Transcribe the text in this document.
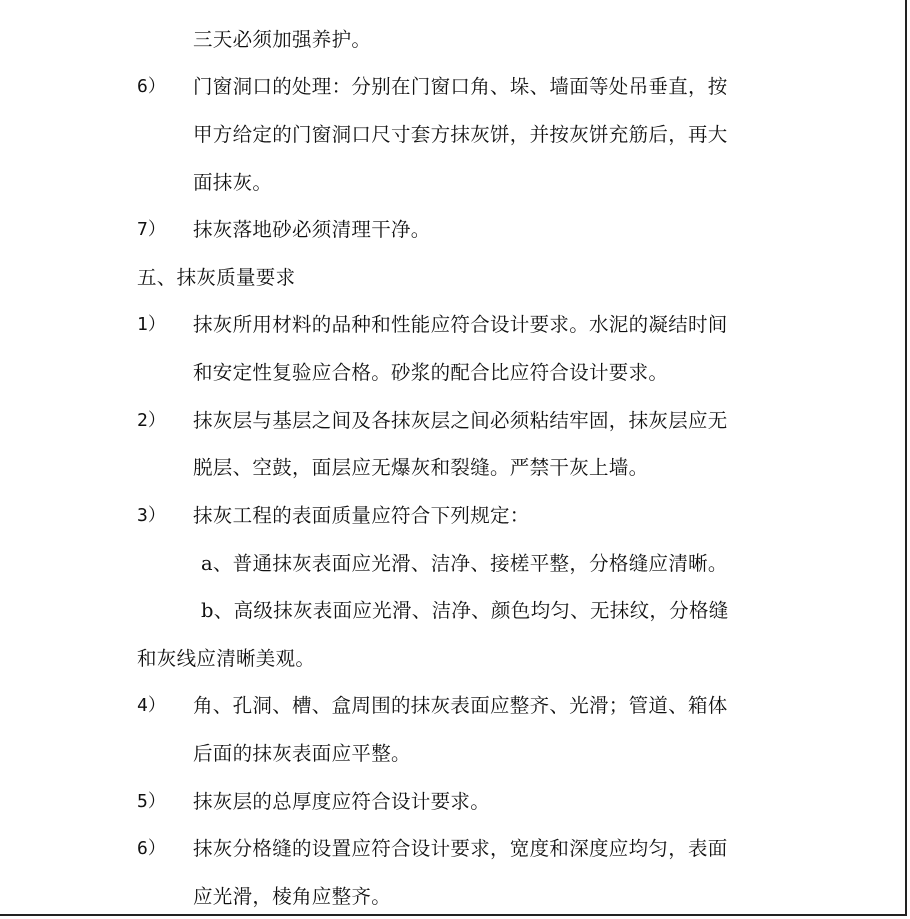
三天必须加强养护。
6） 门窗洞口的处理：分别在门窗口角、垛、墙面等处吊垂直，按
甲方给定的门窗洞口尺寸套方抹灰饼，并按灰饼充筋后，再大
面抹灰。
7） 抹灰落地砂必须清理干净。
五、抹灰质量要求
1） 抹灰所用材料的品种和性能应符合设计要求。水泥的凝结时间
和安定性复验应合格。砂浆的配合比应符合设计要求。
2） 抹灰层与基层之间及各抹灰层之间必须粘结牢固，抹灰层应无
脱层、空鼓，面层应无爆灰和裂缝。严禁干灰上墙。
3） 抹灰工程的表面质量应符合下列规定：
a、普通抹灰表面应光滑、洁净、接槎平整，分格缝应清晰。
b、高级抹灰表面应光滑、洁净、颜色均匀、无抹纹，分格缝
和灰线应清晰美观。
4） 角、孔洞、槽、盒周围的抹灰表面应整齐、光滑；管道、箱体
后面的抹灰表面应平整。
5） 抹灰层的总厚度应符合设计要求。
6） 抹灰分格缝的设置应符合设计要求，宽度和深度应均匀，表面
应光滑，棱角应整齐。
